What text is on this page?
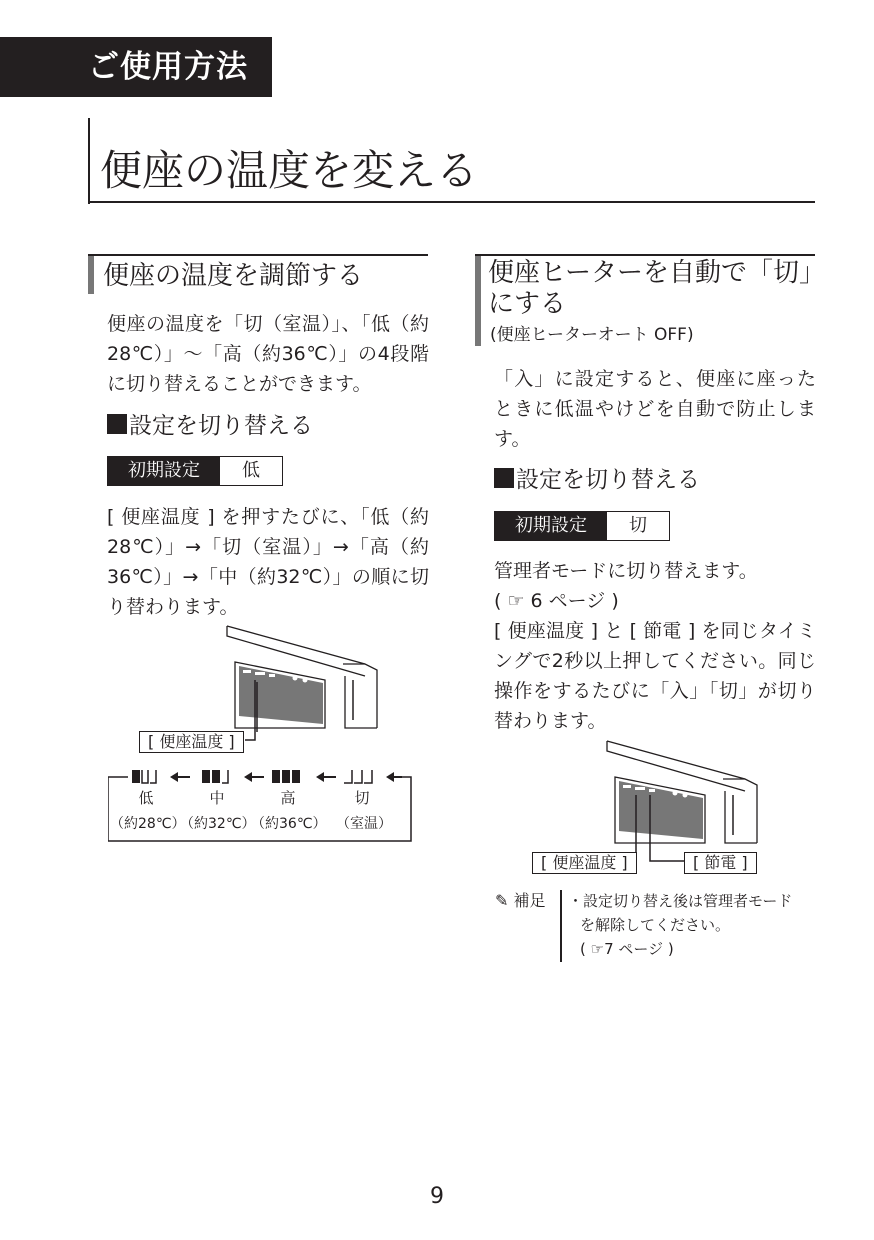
ご使用方法
便座の温度を変える
便座の温度を調節する
便座の温度を「切（室温）」、「低（約28℃）」～「高（約36℃）」の4段階に切り替えることができます。
設定を切り替える
初期設定	低
[ 便座温度 ] を押すたびに、「低（約28℃）」→「切（室温）」→「高（約36℃）」→「中（約32℃）」の順に切り替わります。
[ 便座温度 ]
低	中	高	切
（約28℃）
（約32℃）
（約36℃） （室温）
便座ヒーターを自動で「切」にする
(便座ヒーターオート OFF)
「入」に設定すると、便座に座ったときに低温やけどを自動で防止します。
設定を切り替える
初期設定	切
管理者モードに切り替えます。
( ☞ 6 ページ )
[ 便座温度 ] と [ 節電 ] を同じタイミングで2秒以上押してください。同じ操作をするたびに「入」「切」が切り替わります。
[ 便座温度 ]	[ 節電 ]
✎ 補足 ・設定切り替え後は管理者モード
を解除してください。
( ☞7 ページ )
9
